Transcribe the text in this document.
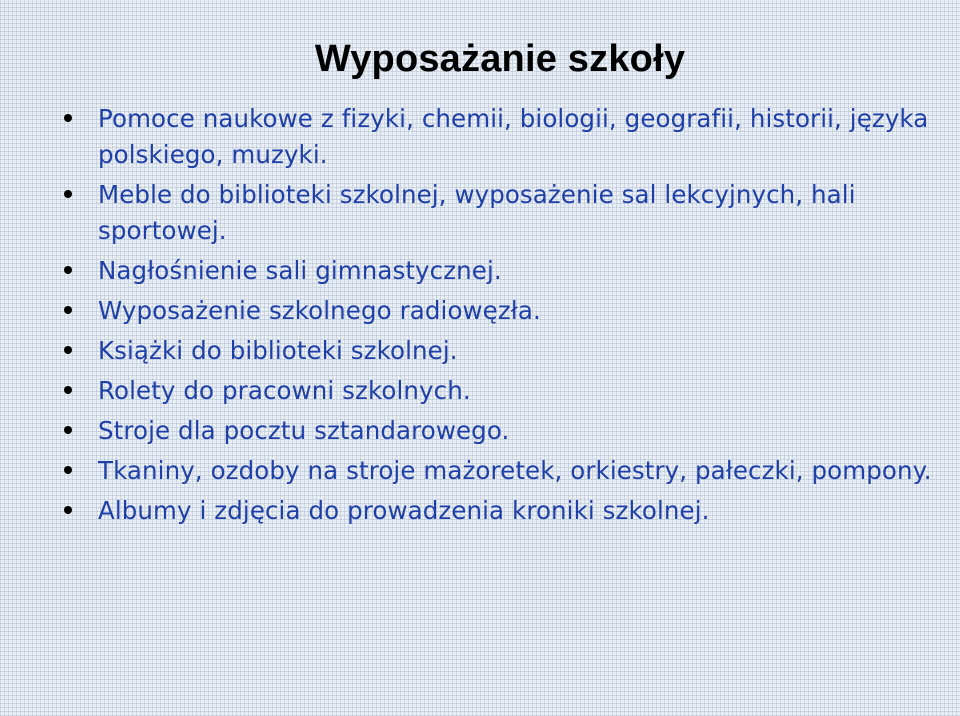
Wyposażanie szkoły
Pomoce naukowe z fizyki, chemii, biologii, geografii, historii, języka polskiego, muzyki.
Meble do biblioteki szkolnej, wyposażenie sal lekcyjnych, hali sportowej.
Nagłośnienie sali gimnastycznej.
Wyposażenie szkolnego radiowęzła.
Książki do biblioteki szkolnej.
Rolety do pracowni szkolnych.
Stroje dla pocztu sztandarowego.
Tkaniny, ozdoby na stroje mażoretek, orkiestry, pałeczki, pompony.
Albumy i zdjęcia do prowadzenia kroniki szkolnej.
